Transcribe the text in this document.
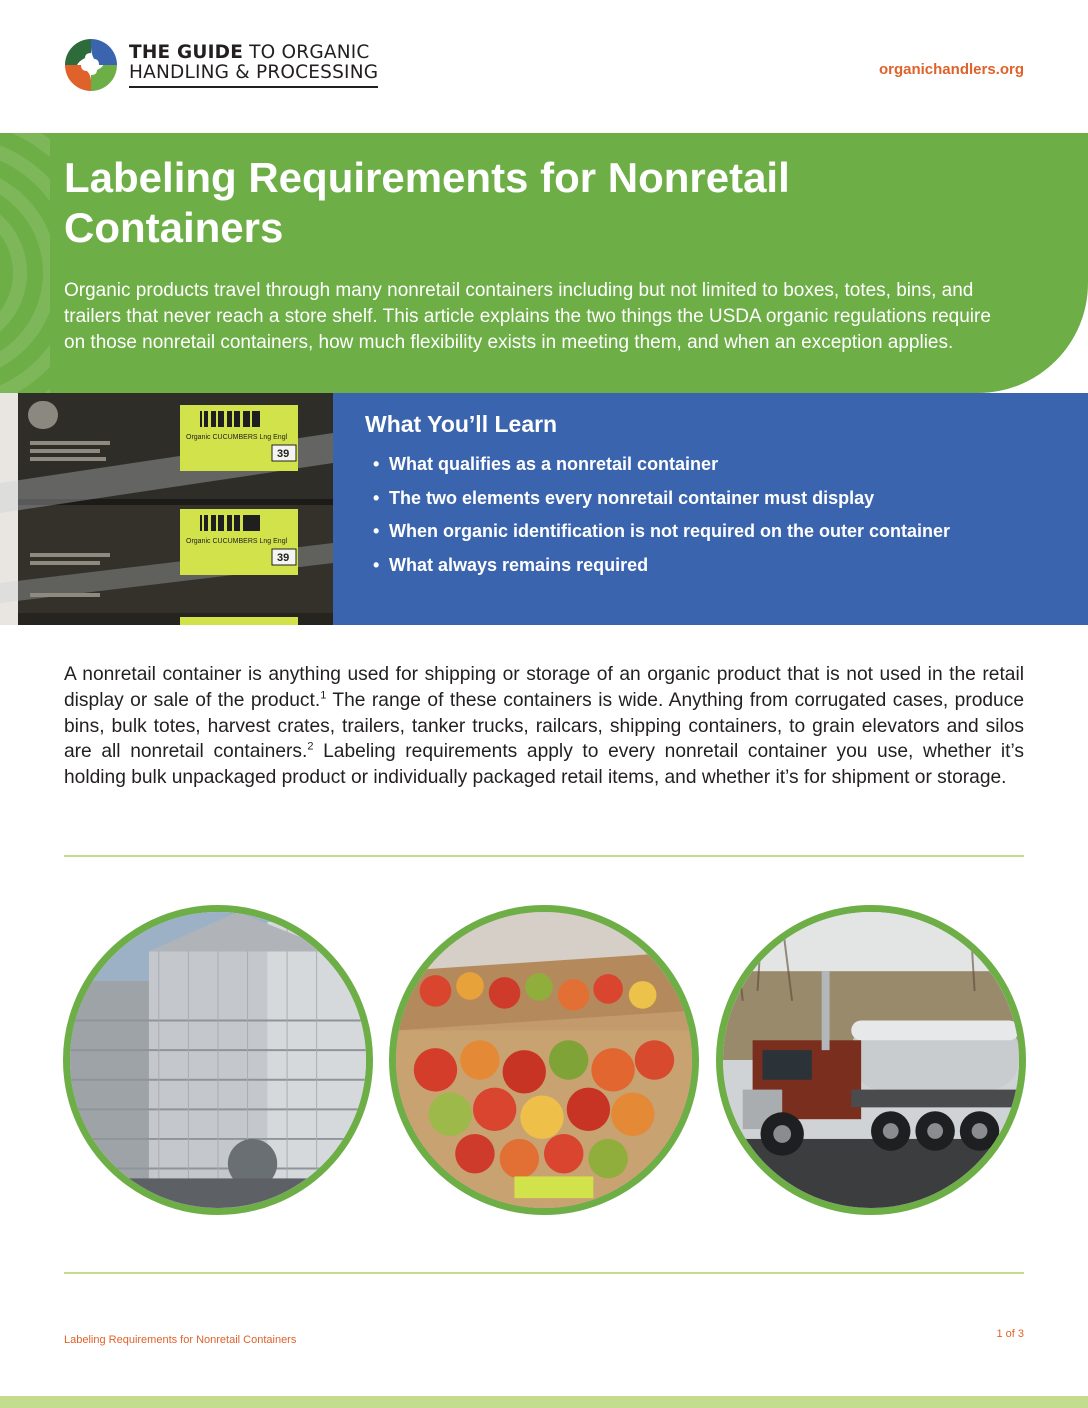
THE GUIDE TO ORGANIC
HANDLING & PROCESSING	organichandlers.org
Labeling Requirements for Nonretail Containers

Organic products travel through many nonretail containers including but not limited to boxes, totes, bins, and trailers that never reach a store shelf. This article explains the two things the USDA organic regulations require on those nonretail containers, how much flexibility exists in meeting them, and when an exception applies.

Organic CUCUMBERS Lng Engl
39
Organic CUCUMBERS Lng Engl
39
What You’ll Learn
• What qualifies as a nonretail container
• The two elements every nonretail container must display
• When organic identification is not required on the outer container
• What always remains required

A nonretail container is anything used for shipping or storage of an organic product that is not used in the retail display or sale of the product.$^1$ The range of these containers is wide. Anything from corrugated cases, produce bins, bulk totes, harvest crates, trailers, tanker trucks, railcars, shipping containers, to grain elevators and silos are all nonretail containers.$^2$ Labeling requirements apply to every nonretail container you use, whether it’s holding bulk unpackaged product or individually packaged retail items, and whether it’s for shipment or storage.

Labeling Requirements for Nonretail Containers	1 of 3
